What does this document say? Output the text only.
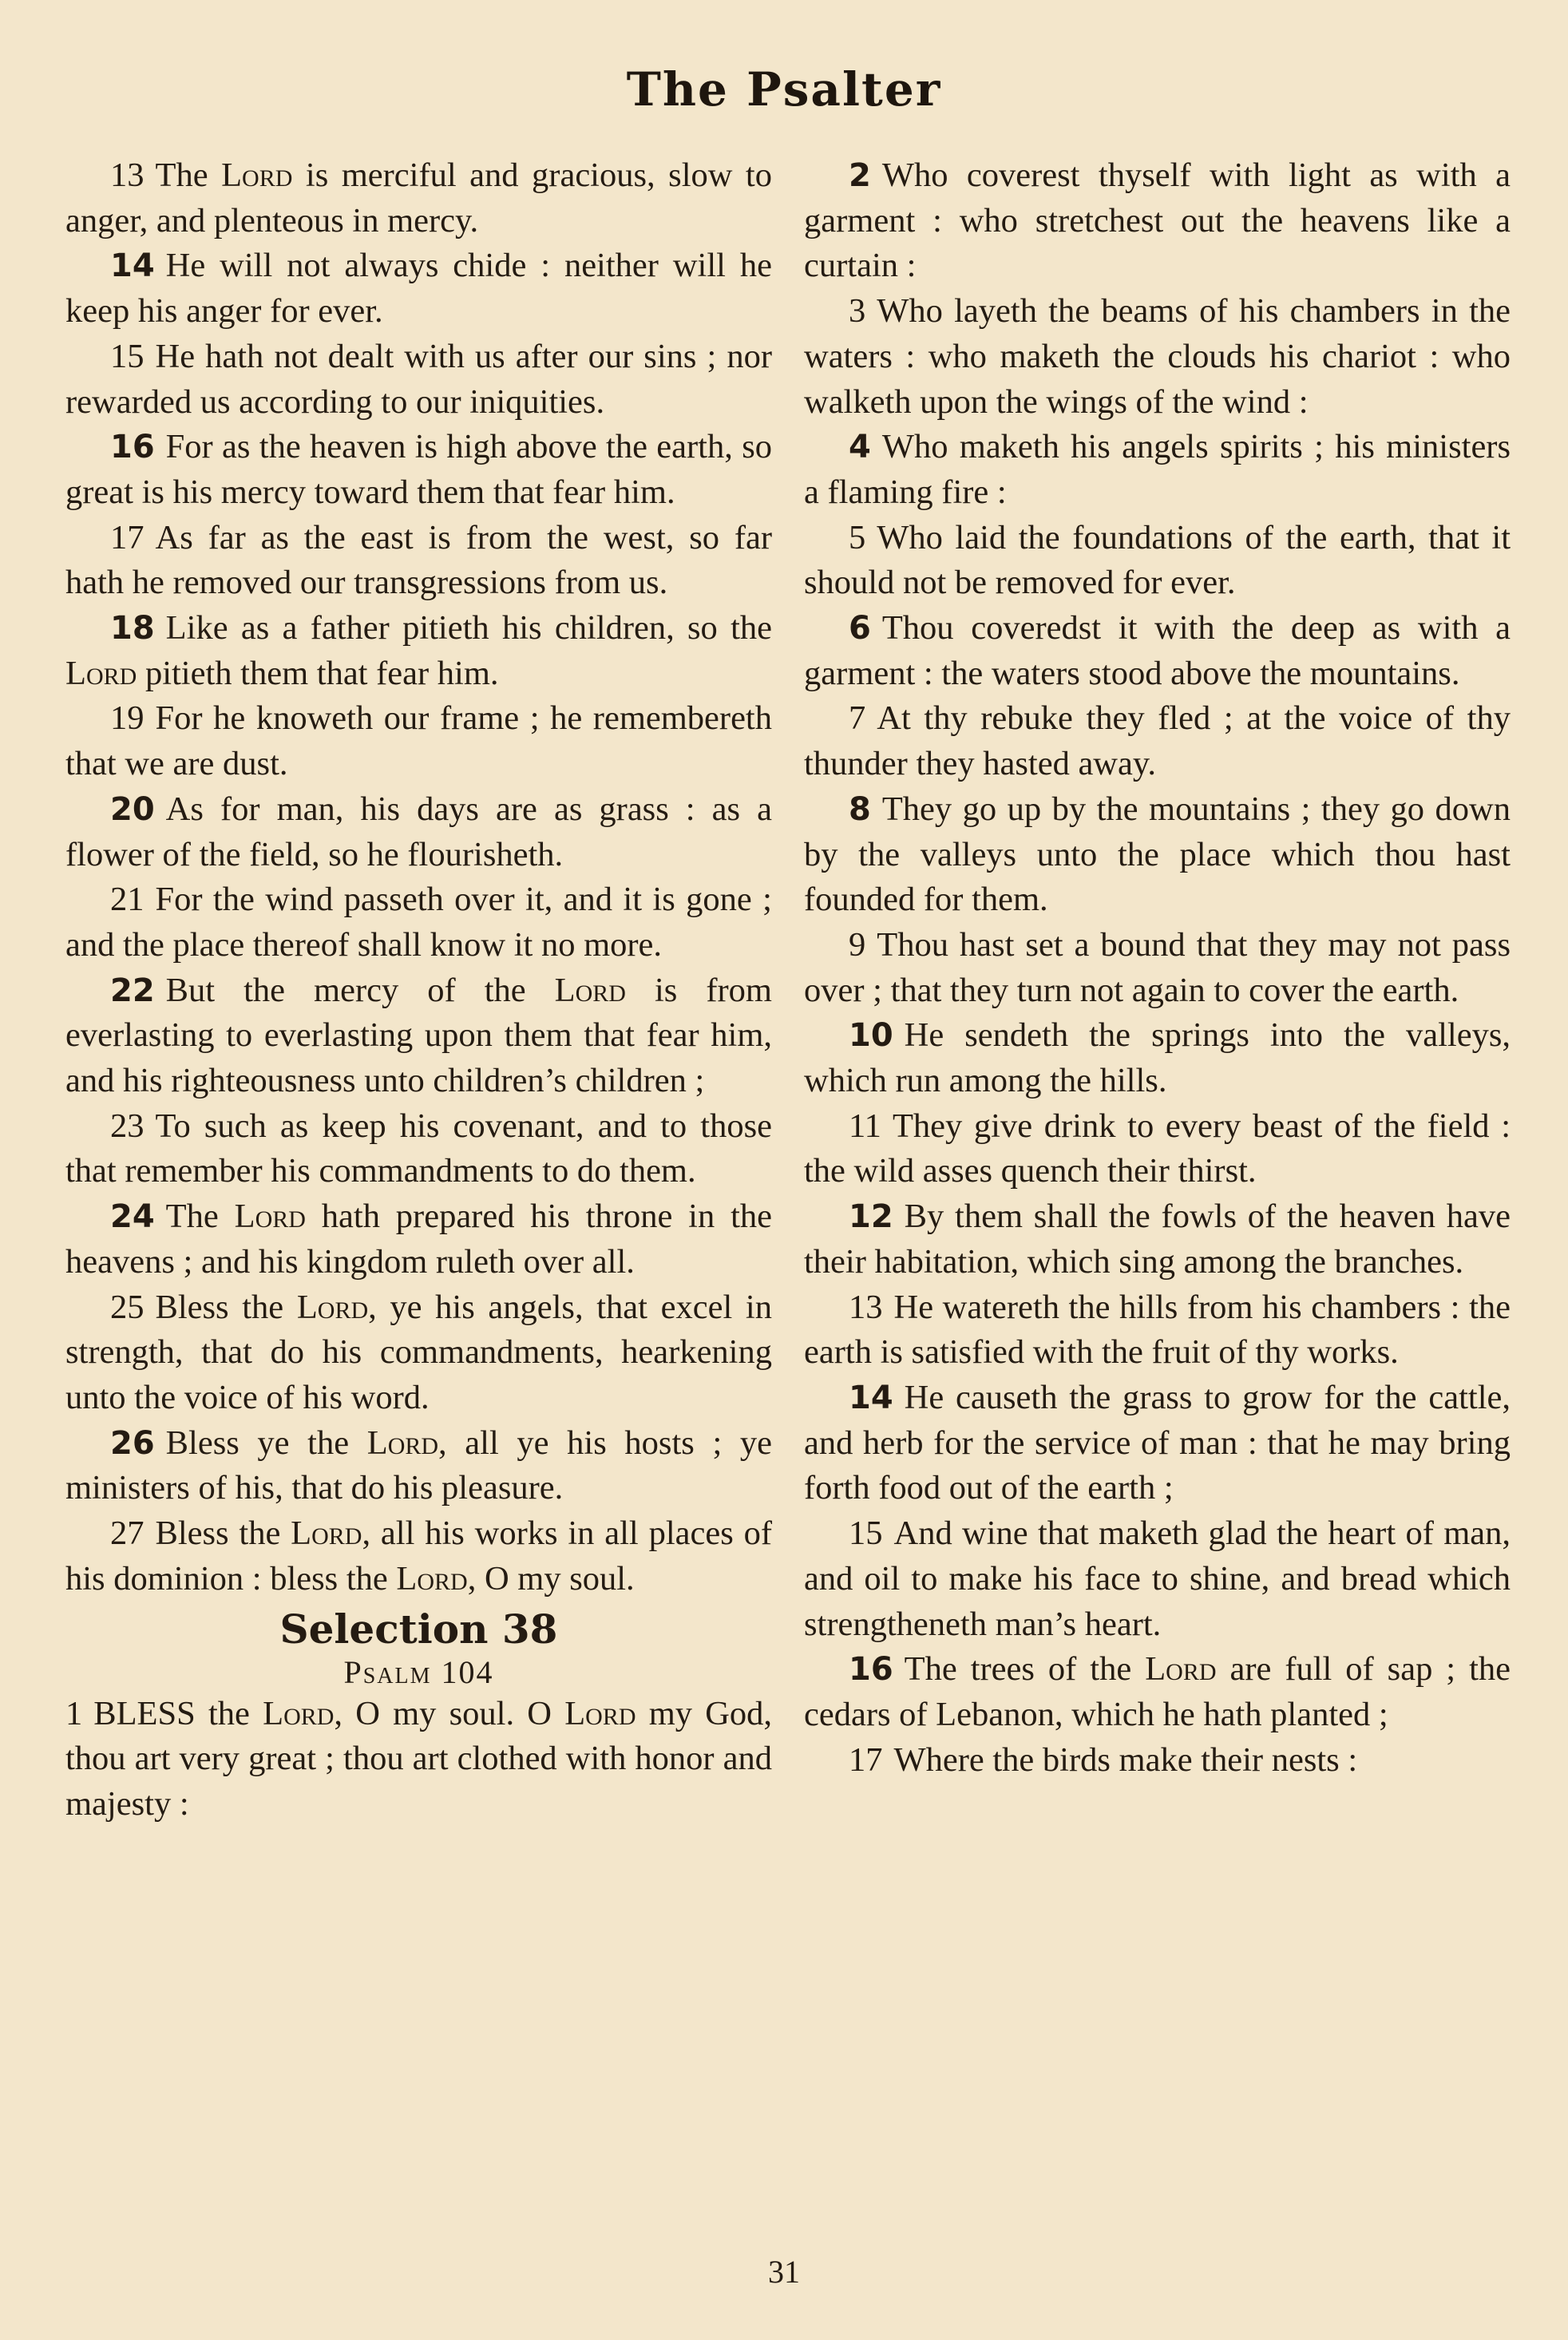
The Psalter

13 The Lord is merciful and gracious, slow to anger, and plenteous in mercy.

14 He will not always chide : neither will he keep his anger for ever.

15 He hath not dealt with us after our sins ; nor rewarded us according to our iniquities.

16 For as the heaven is high above the earth, so great is his mercy toward them that fear him.

17 As far as the east is from the west, so far hath he removed our transgressions from us.

18 Like as a father pitieth his children, so the Lord pitieth them that fear him.

19 For he knoweth our frame ; he remembereth that we are dust.

20 As for man, his days are as grass : as a flower of the field, so he flourisheth.

21 For the wind passeth over it, and it is gone ; and the place thereof shall know it no more.

22 But the mercy of the Lord is from everlasting to everlasting upon them that fear him, and his righteousness unto children’s children ;

23 To such as keep his covenant, and to those that remember his commandments to do them.

24 The Lord hath prepared his throne in the heavens ; and his kingdom ruleth over all.

25 Bless the Lord, ye his angels, that excel in strength, that do his commandments, hearkening unto the voice of his word.

26 Bless ye the Lord, all ye his hosts ; ye ministers of his, that do his pleasure.

27 Bless the Lord, all his works in all places of his dominion : bless the Lord, O my soul.

Selection 38
Psalm 104

1 BLESS the Lord, O my soul. O Lord my God, thou art very great ; thou art clothed with honor and majesty :

2 Who coverest thyself with light as with a garment : who stretchest out the heavens like a curtain :

3 Who layeth the beams of his chambers in the waters : who maketh the clouds his chariot : who walketh upon the wings of the wind :

4 Who maketh his angels spirits ; his ministers a flaming fire :

5 Who laid the foundations of the earth, that it should not be removed for ever.

6 Thou coveredst it with the deep as with a garment : the waters stood above the mountains.

7 At thy rebuke they fled ; at the voice of thy thunder they hasted away.

8 They go up by the mountains ; they go down by the valleys unto the place which thou hast founded for them.

9 Thou hast set a bound that they may not pass over ; that they turn not again to cover the earth.

10 He sendeth the springs into the valleys, which run among the hills.

11 They give drink to every beast of the field : the wild asses quench their thirst.

12 By them shall the fowls of the heaven have their habitation, which sing among the branches.

13 He watereth the hills from his chambers : the earth is satisfied with the fruit of thy works.

14 He causeth the grass to grow for the cattle, and herb for the service of man : that he may bring forth food out of the earth ;

15 And wine that maketh glad the heart of man, and oil to make his face to shine, and bread which strengtheneth man’s heart.

16 The trees of the Lord are full of sap ; the cedars of Lebanon, which he hath planted ;

17 Where the birds make their nests :

31
